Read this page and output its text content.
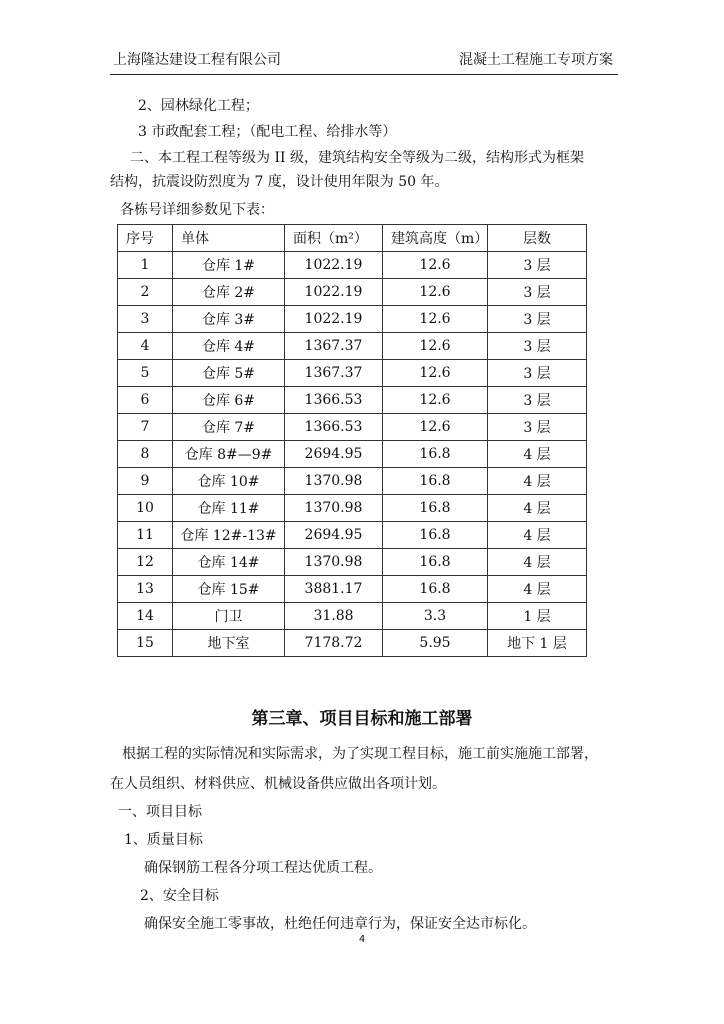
上海隆达建设工程有限公司	混凝土工程施工专项方案
2、园林绿化工程；
3 市政配套工程；（配电工程、给排水等）
二、本工程工程等级为 II 级，建筑结构安全等级为二级，结构形式为框架
结构，抗震设防烈度为 7 度，设计使用年限为 50 年。
各栋号详细参数见下表：
序号	单体	面积（m²）	建筑高度（m）	层数
1	仓库 1#	1022.19	12.6	3 层
2	仓库 2#	1022.19	12.6	3 层
3	仓库 3#	1022.19	12.6	3 层
4	仓库 4#	1367.37	12.6	3 层
5	仓库 5#	1367.37	12.6	3 层
6	仓库 6#	1366.53	12.6	3 层
7	仓库 7#	1366.53	12.6	3 层
8	仓库 8#—9#	2694.95	16.8	4 层
9	仓库 10#	1370.98	16.8	4 层
10	仓库 11#	1370.98	16.8	4 层
11	仓库 12#-13#	2694.95	16.8	4 层
12	仓库 14#	1370.98	16.8	4 层
13	仓库 15#	3881.17	16.8	4 层
14	门卫	31.88	3.3	1 层
15	地下室	7178.72	5.95	地下 1 层
第三章、项目目标和施工部署
根据工程的实际情况和实际需求，为了实现工程目标，施工前实施施工部署，
在人员组织、材料供应、机械设备供应做出各项计划。
一、项目目标
1、质量目标
确保钢筋工程各分项工程达优质工程。
2、安全目标
确保安全施工零事故，杜绝任何违章行为，保证安全达市标化。
4
